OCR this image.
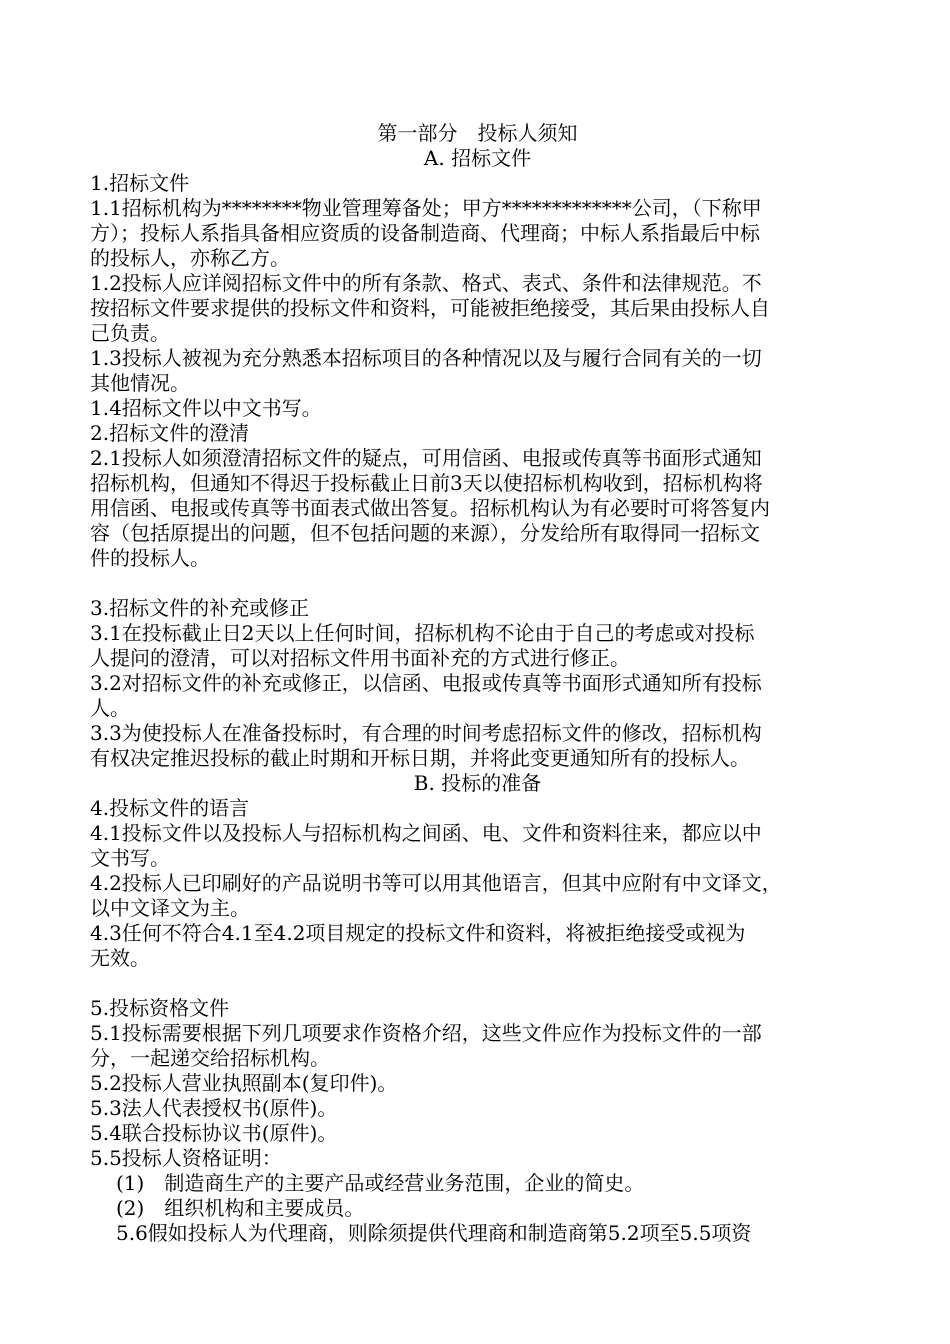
第一部分　投标人须知
A. 招标文件
1.招标文件
1.1招标机构为********物业管理筹备处；甲方*************公司，（下称甲
方）；投标人系指具备相应资质的设备制造商、代理商；中标人系指最后中标
的投标人，亦称乙方。
1.2投标人应详阅招标文件中的所有条款、格式、表式、条件和法律规范。不
按招标文件要求提供的投标文件和资料，可能被拒绝接受，其后果由投标人自
己负责。
1.3投标人被视为充分熟悉本招标项目的各种情况以及与履行合同有关的一切
其他情况。
1.4招标文件以中文书写。
2.招标文件的澄清
2.1投标人如须澄清招标文件的疑点，可用信函、电报或传真等书面形式通知
招标机构，但通知不得迟于投标截止日前3天以使招标机构收到，招标机构将
用信函、电报或传真等书面表式做出答复。招标机构认为有必要时可将答复内
容（包括原提出的问题，但不包括问题的来源），分发给所有取得同一招标文
件的投标人。
3.招标文件的补充或修正
3.1在投标截止日2天以上任何时间，招标机构不论由于自己的考虑或对投标
人提问的澄清，可以对招标文件用书面补充的方式进行修正。
3.2对招标文件的补充或修正，以信函、电报或传真等书面形式通知所有投标
人。
3.3为使投标人在准备投标时，有合理的时间考虑招标文件的修改，招标机构
有权决定推迟投标的截止时期和开标日期，并将此变更通知所有的投标人。
B. 投标的准备
4.投标文件的语言
4.1投标文件以及投标人与招标机构之间函、电、文件和资料往来，都应以中
文书写。
4.2投标人已印刷好的产品说明书等可以用其他语言，但其中应附有中文译文，
以中文译文为主。
4.3任何不符合4.1至4.2项目规定的投标文件和资料，将被拒绝接受或视为
无效。
5.投标资格文件
5.1投标需要根据下列几项要求作资格介绍，这些文件应作为投标文件的一部
分，一起递交给招标机构。
5.2投标人营业执照副本(复印件)。
5.3法人代表授权书(原件)。
5.4联合投标协议书(原件)。
5.5投标人资格证明：
(1)　制造商生产的主要产品或经营业务范围，企业的简史。
(2)　组织机构和主要成员。
5.6假如投标人为代理商，则除须提供代理商和制造商第5.2项至5.5项资
